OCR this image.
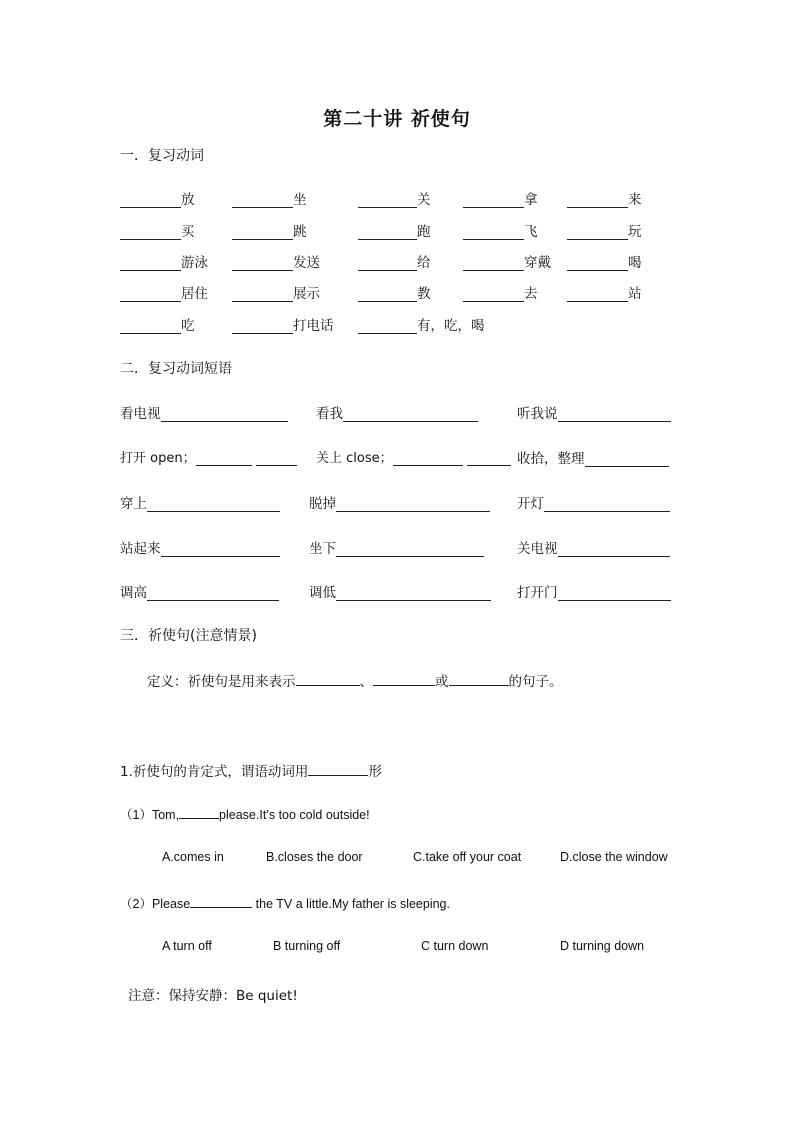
第二十讲 祈使句
一．复习动词
放	坐	关	拿	来
买	跳	跑	飞	玩
游泳	发送	给	穿戴	喝
居住	展示	教	去	站
吃	打电话	有，吃，喝
二．复习动词短语
看电视	看我	听我说
打开 open；	关上 close；	收拾，整理
穿上	脱掉	开灯
站起来	坐下	关电视
调高	调低	打开门
三．祈使句(注意情景)
定义：祈使句是用来表示	、	或	的句子。
1.祈使句的肯定式，谓语动词用	形
（1）Tom,	please.It’s too cold outside!
A.comes in	B.closes the door	C.take off your coat	D.close the window
（2）Please	the TV a little.My father is sleeping.
A turn off	B turning off	C turn down	D turning down
注意：保持安静：Be quiet!
